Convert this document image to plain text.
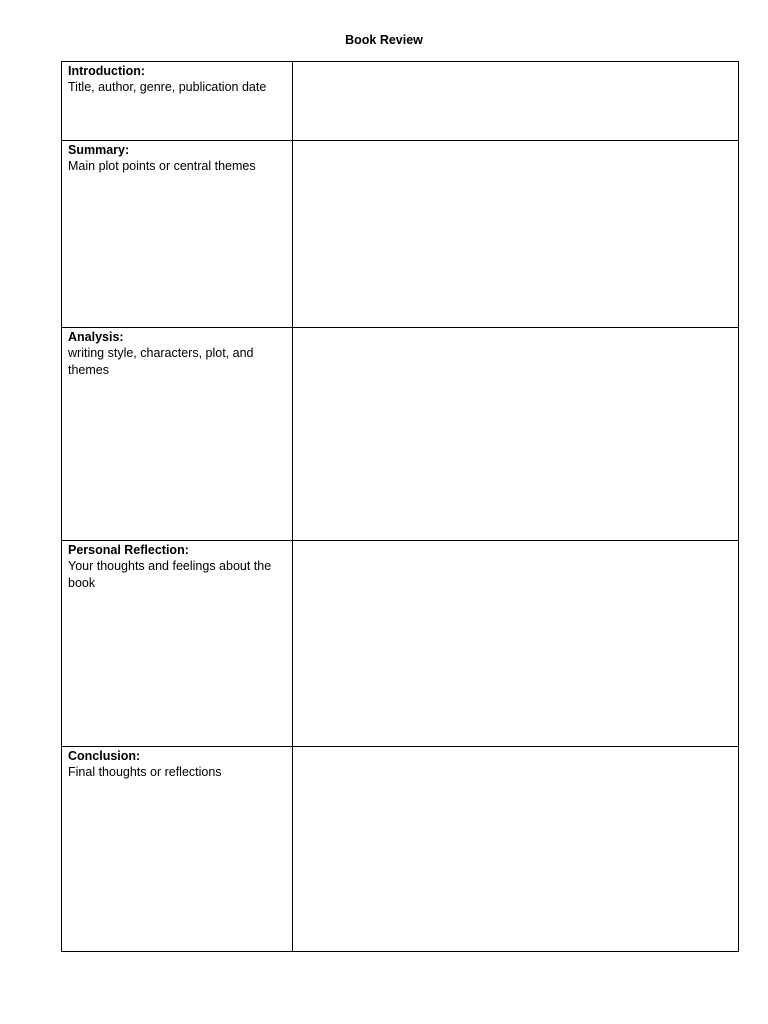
Book Review
Introduction:
Title, author, genre, publication date	

Summary:
Main plot points or central themes	

Analysis:
writing style, characters, plot, and themes	

Personal Reflection:
Your thoughts and feelings about the book	

Conclusion:
Final thoughts or reflections	
